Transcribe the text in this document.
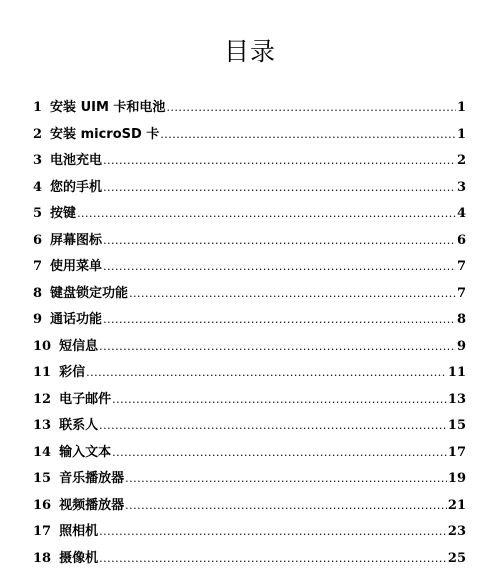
目录
1 安装 UIM 卡和电池 .....	1
2 安装 microSD 卡 .....	1
3 电池充电 .....	2
4 您的手机 .....	3
5 按键 .....	4
6 屏幕图标 .....	6
7 使用菜单 .....	7
8 键盘锁定功能 .....	7
9 通话功能 .....	8
10 短信息 .....	9
11 彩信 .....	11
12 电子邮件 .....	13
13 联系人 .....	15
14 输入文本 .....	17
15 音乐播放器 .....	19
16 视频播放器 .....	21
17 照相机 .....	23
18 摄像机 .....	25
